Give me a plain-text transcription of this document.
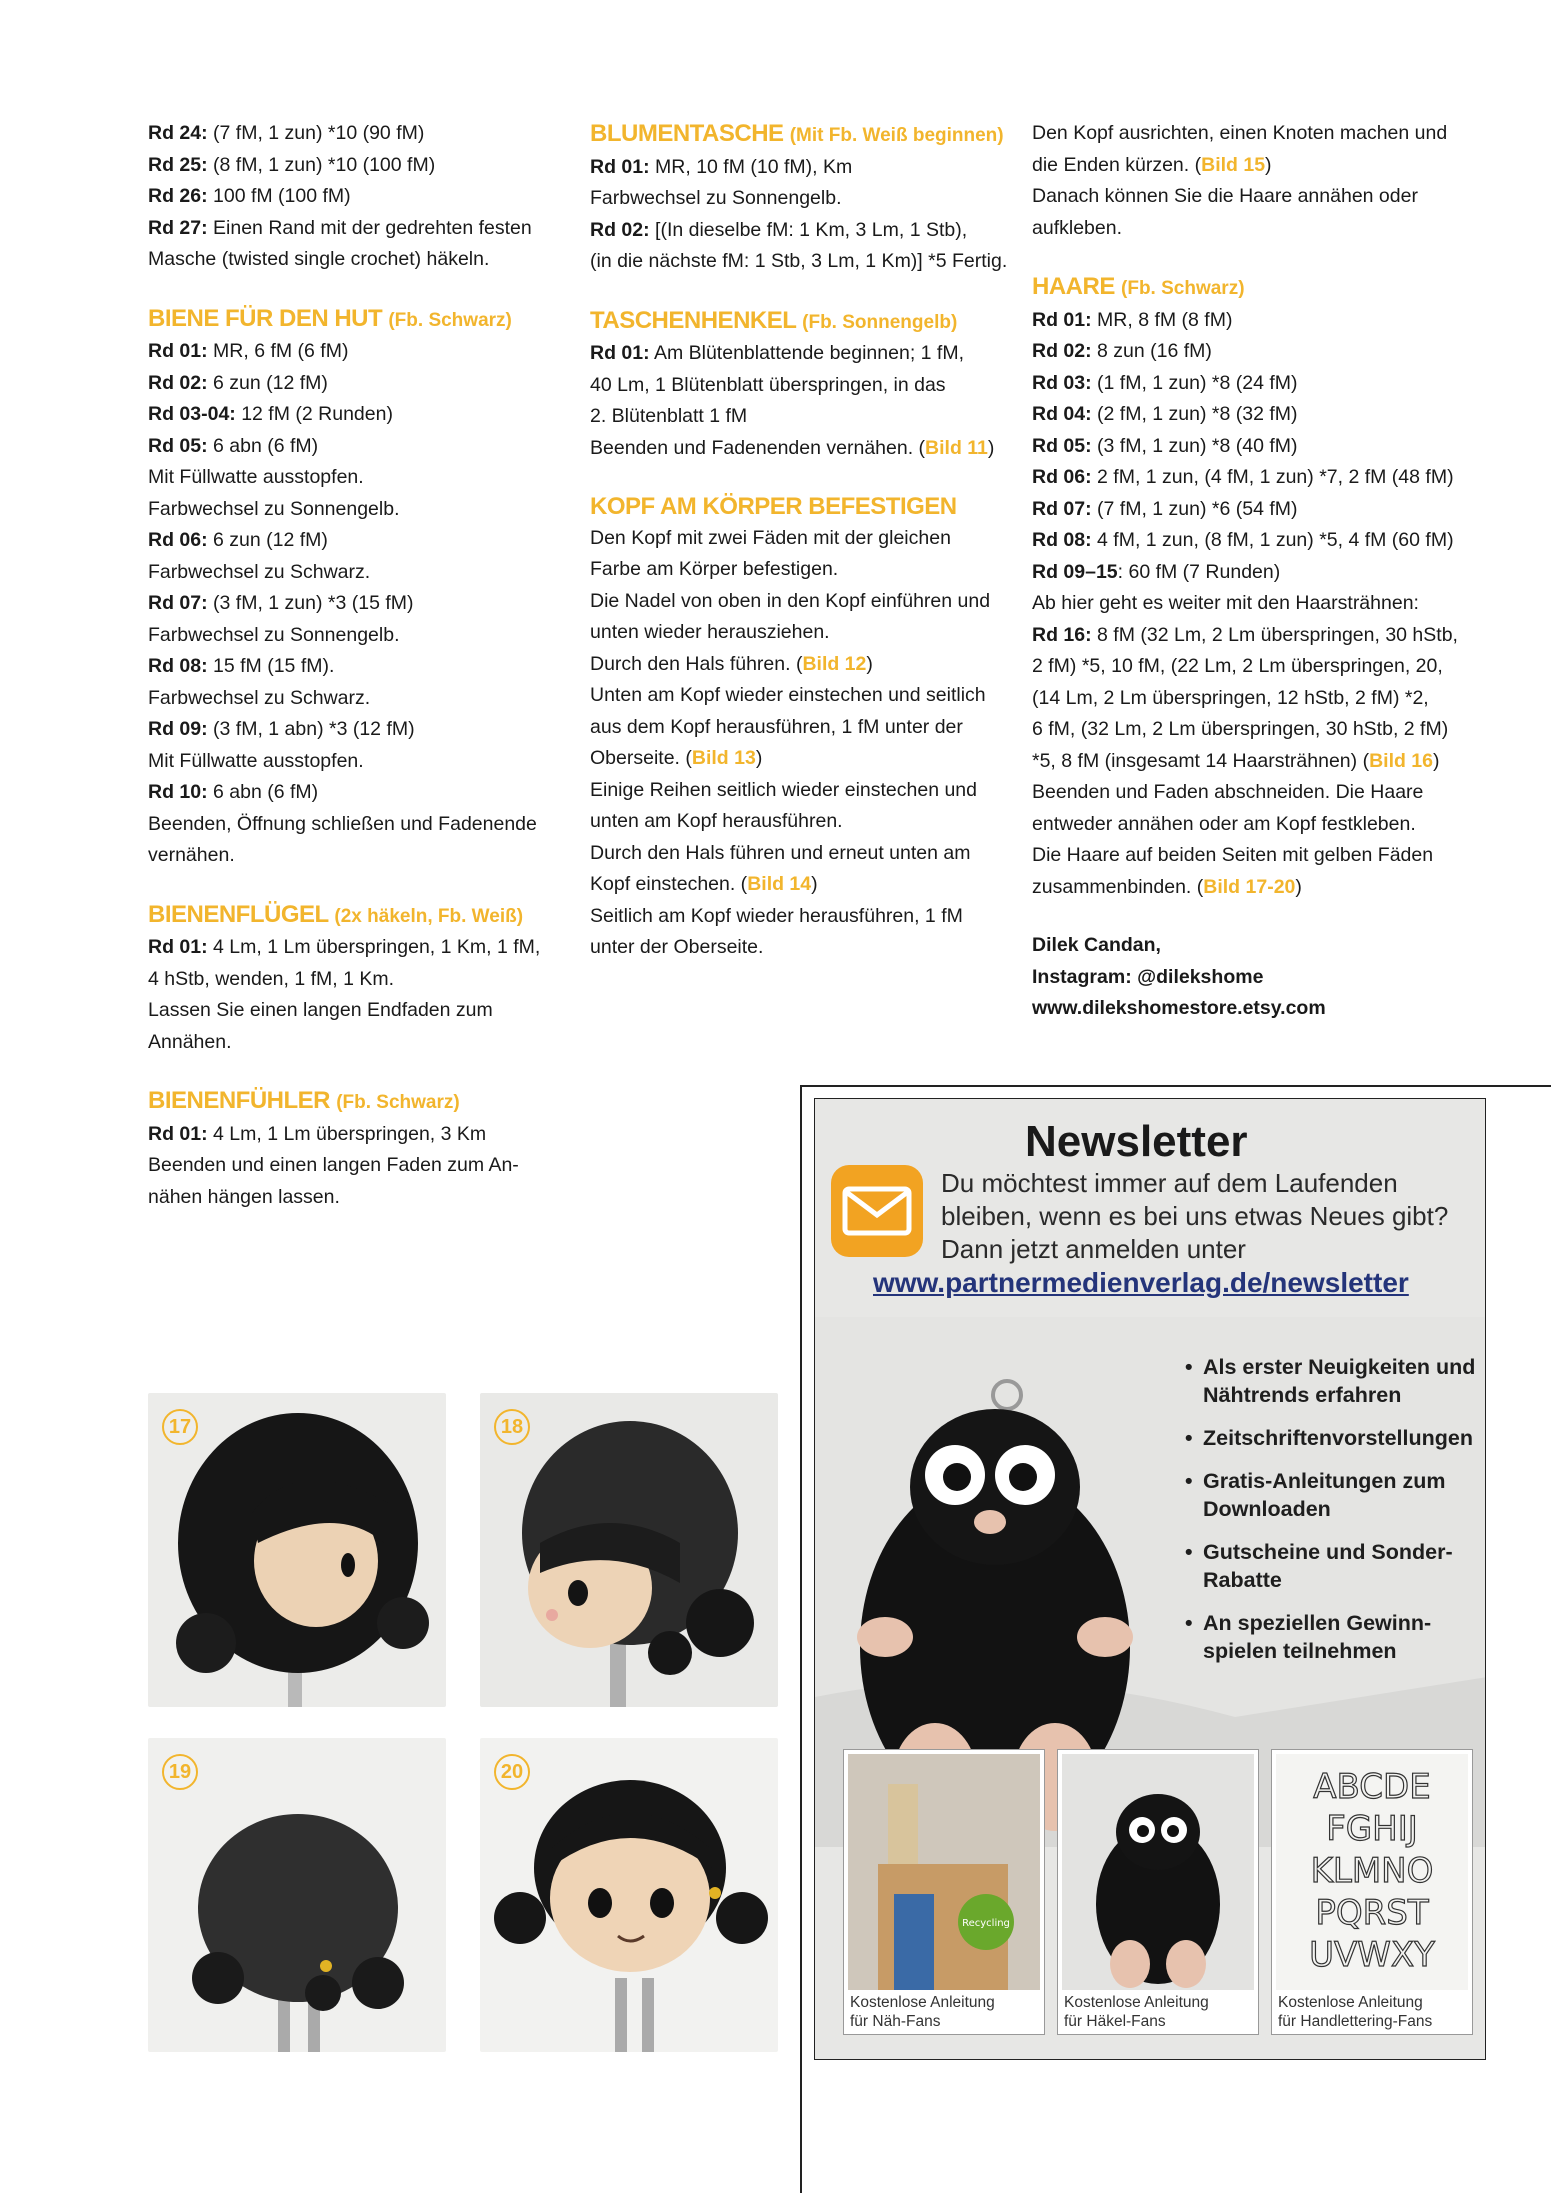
Rd 24: (7 fM, 1 zun) *10 (90 fM)

Rd 25: (8 fM, 1 zun) *10 (100 fM)

Rd 26: 100 fM (100 fM)

Rd 27: Einen Rand mit der gedrehten festen

Masche (twisted single crochet) häkeln.

BIENE FÜR DEN HUT (Fb. Schwarz)

Rd 01: MR, 6 fM (6 fM)

Rd 02: 6 zun (12 fM)

Rd 03-04: 12 fM (2 Runden)

Rd 05: 6 abn (6 fM)

Mit Füllwatte ausstopfen.

Farbwechsel zu Sonnengelb.

Rd 06: 6 zun (12 fM)

Farbwechsel zu Schwarz.

Rd 07: (3 fM, 1 zun) *3 (15 fM)

Farbwechsel zu Sonnengelb.

Rd 08: 15 fM (15 fM).

Farbwechsel zu Schwarz.

Rd 09: (3 fM, 1 abn) *3 (12 fM)

Mit Füllwatte ausstopfen.

Rd 10: 6 abn (6 fM)

Beenden, Öffnung schließen und Fadenende

vernähen.

BIENENFLÜGEL (2x häkeln, Fb. Weiß)

Rd 01: 4 Lm, 1 Lm überspringen, 1 Km, 1 fM,

4 hStb, wenden, 1 fM, 1 Km.

Lassen Sie einen langen Endfaden zum Annähen.

BIENENFÜHLER (Fb. Schwarz)

Rd 01: 4 Lm, 1 Lm überspringen, 3 Km

Beenden und einen langen Faden zum An-

nähen hängen lassen.

BLUMENTASCHE (Mit Fb. Weiß beginnen)

Rd 01: MR, 10 fM (10 fM), Km

Farbwechsel zu Sonnengelb.

Rd 02: [(In dieselbe fM: 1 Km, 3 Lm, 1 Stb),

(in die nächste fM: 1 Stb, 3 Lm, 1 Km)] *5 Fertig.

TASCHENHENKEL (Fb. Sonnengelb)

Rd 01: Am Blütenblattende beginnen; 1 fM,

40 Lm, 1 Blütenblatt überspringen, in das

2. Blütenblatt 1 fM

Beenden und Fadenenden vernähen. (Bild 11)

KOPF AM KÖRPER BEFESTIGEN

Den Kopf mit zwei Fäden mit der gleichen

Farbe am Körper befestigen.

Die Nadel von oben in den Kopf einführen und

unten wieder herausziehen.

Durch den Hals führen. (Bild 12)

Unten am Kopf wieder einstechen und seitlich

aus dem Kopf herausführen, 1 fM unter der

Oberseite. (Bild 13)

Einige Reihen seitlich wieder einstechen und

unten am Kopf herausführen.

Durch den Hals führen und erneut unten am

Kopf einstechen. (Bild 14)

Seitlich am Kopf wieder herausführen, 1 fM

unter der Oberseite.

Den Kopf ausrichten, einen Knoten machen und

die Enden kürzen. (Bild 15)

Danach können Sie die Haare annähen oder

aufkleben.

HAARE (Fb. Schwarz)

Rd 01: MR, 8 fM (8 fM)

Rd 02: 8 zun (16 fM)

Rd 03: (1 fM, 1 zun) *8 (24 fM)

Rd 04: (2 fM, 1 zun) *8 (32 fM)

Rd 05: (3 fM, 1 zun) *8 (40 fM)

Rd 06: 2 fM, 1 zun, (4 fM, 1 zun) *7, 2 fM (48 fM)

Rd 07: (7 fM, 1 zun) *6 (54 fM)

Rd 08: 4 fM, 1 zun, (8 fM, 1 zun) *5, 4 fM (60 fM)

Rd 09–15: 60 fM (7 Runden)

Ab hier geht es weiter mit den Haarsträhnen:

Rd 16: 8 fM (32 Lm, 2 Lm überspringen, 30 hStb,

2 fM) *5, 10 fM, (22 Lm, 2 Lm überspringen, 20,

(14 Lm, 2 Lm überspringen, 12 hStb, 2 fM) *2,

6 fM, (32 Lm, 2 Lm überspringen, 30 hStb, 2 fM)

*5, 8 fM (insgesamt 14 Haarsträhnen) (Bild 16)

Beenden und Faden abschneiden. Die Haare

entweder annähen oder am Kopf festkleben.

Die Haare auf beiden Seiten mit gelben Fäden

zusammenbinden. (Bild 17-20)

Dilek Candan,

Instagram: @dilekshome

www.dilekshomestore.etsy.com

17	18
19	20
Newsletter
Du möchtest immer auf dem Laufenden bleiben, wenn es bei uns etwas Neues gibt? Dann jetzt anmelden unter
www.partnermedienverlag.de/newsletter
• Als erster Neuigkeiten und Nähtrends erfahren
• Zeitschriftenvorstellungen
• Gratis-Anleitungen zum Downloaden
• Gutscheine und Sonder-Rabatte
• An speziellen Gewinn-spielen teilnehmen
Recycling
Kostenlose Anleitung
für Näh-Fans
Kostenlose Anleitung
für Häkel-Fans
ABCDE
FGHIJ
KLMNO
PQRST
UVWXY
Kostenlose Anleitung
für Handlettering-Fans
